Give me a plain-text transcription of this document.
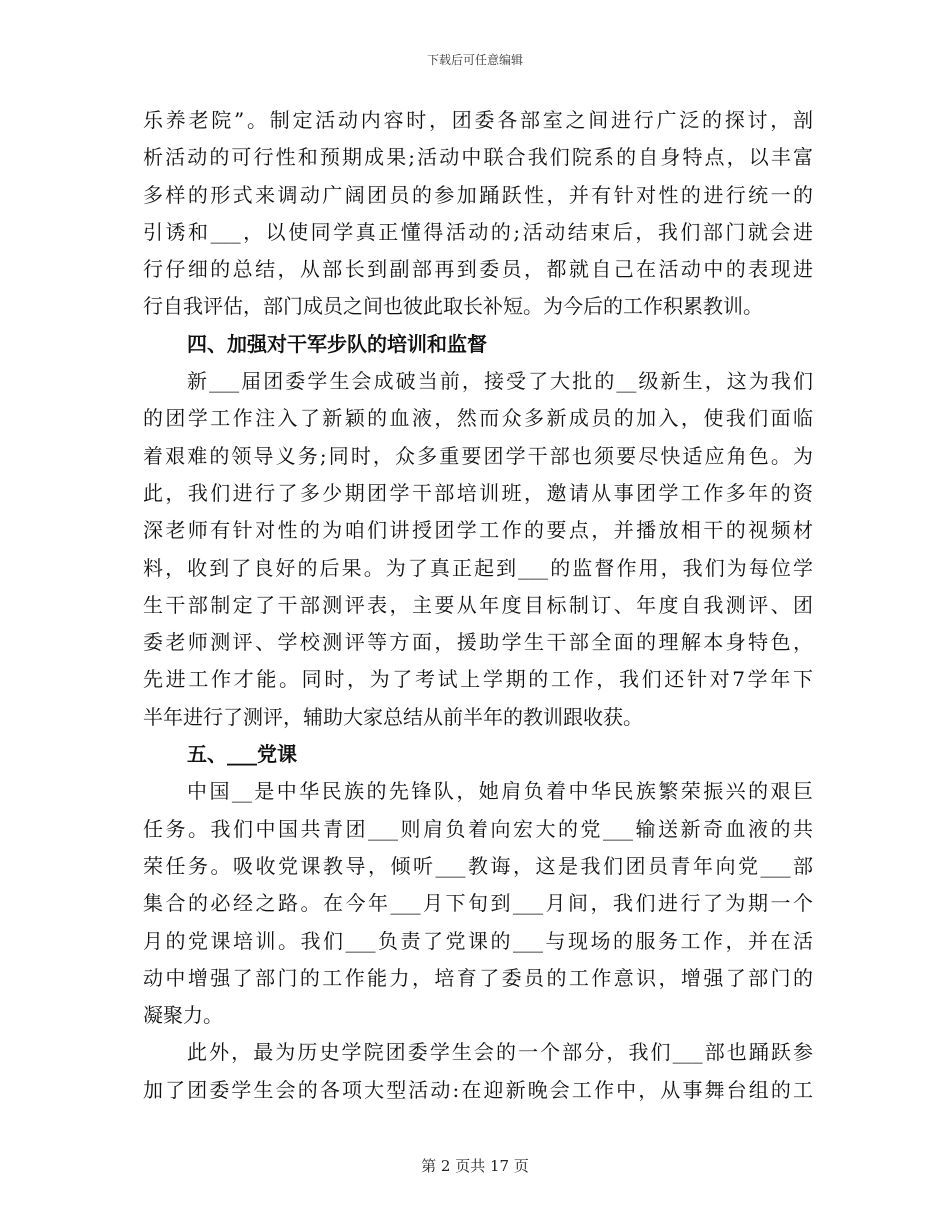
下载后可任意编辑
乐养老院”。制定活动内容时，团委各部室之间进行广泛的探讨，剖
析活动的可行性和预期成果;活动中联合我们院系的自身特点，以丰富
多样的形式来调动广阔团员的参加踊跃性，并有针对性的进行统一的
引诱和___，以使同学真正懂得活动的;活动结束后，我们部门就会进
行仔细的总结，从部长到副部再到委员，都就自己在活动中的表现进
行自我评估，部门成员之间也彼此取长补短。为今后的工作积累教训。
四、加强对干军步队的培训和监督
新___届团委学生会成破当前，接受了大批的__级新生，这为我们
的团学工作注入了新颖的血液，然而众多新成员的加入，使我们面临
着艰难的领导义务;同时，众多重要团学干部也须要尽快适应角色。为
此，我们进行了多少期团学干部培训班，邀请从事团学工作多年的资
深老师有针对性的为咱们讲授团学工作的要点，并播放相干的视频材
料，收到了良好的后果。为了真正起到___的监督作用，我们为每位学
生干部制定了干部测评表，主要从年度目标制订、年度自我测评、团
委老师测评、学校测评等方面，援助学生干部全面的理解本身特色，
先进工作才能。同时，为了考试上学期的工作，我们还针对7学年下
半年进行了测评，辅助大家总结从前半年的教训跟收获。
五、___党课
中国__是中华民族的先锋队，她肩负着中华民族繁荣振兴的艰巨
任务。我们中国共青团___则肩负着向宏大的党___输送新奇血液的共
荣任务。吸收党课教导，倾听___教诲，这是我们团员青年向党___部
集合的必经之路。在今年___月下旬到___月间，我们进行了为期一个
月的党课培训。我们___负责了党课的___与现场的服务工作，并在活
动中增强了部门的工作能力，培育了委员的工作意识，增强了部门的
凝聚力。
此外，最为历史学院团委学生会的一个部分，我们___部也踊跃参
加了团委学生会的各项大型活动:在迎新晚会工作中，从事舞台组的工
第 2 页共 17 页
